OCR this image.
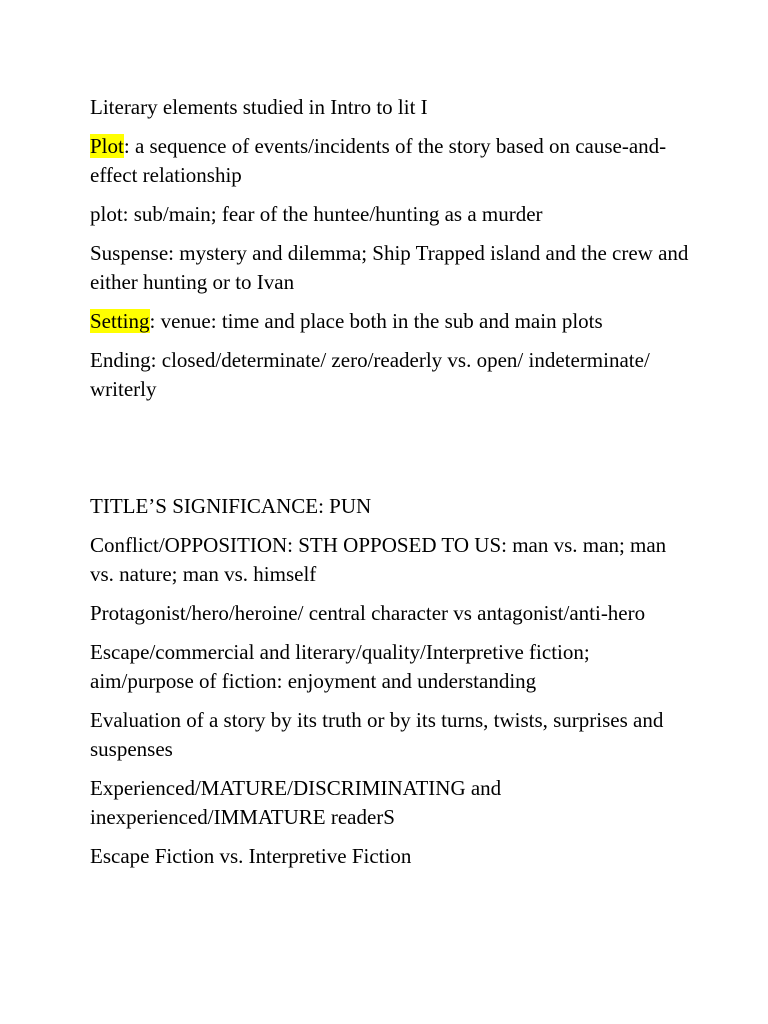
Literary elements studied in Intro to lit I

Plot: a sequence of events/incidents of the story based on cause-and-effect relationship

plot: sub/main; fear of the huntee/hunting as a murder

Suspense: mystery and dilemma; Ship Trapped island and the crew and either hunting or to Ivan

Setting: venue: time and place both in the sub and main plots

Ending: closed/determinate/ zero/readerly vs. open/ indeterminate/ writerly

TITLE’S SIGNIFICANCE: PUN

Conflict/OPPOSITION: STH OPPOSED TO US: man vs. man; man vs. nature; man vs. himself

Protagonist/hero/heroine/ central character vs antagonist/anti-hero

Escape/commercial and literary/quality/Interpretive fiction; aim/purpose of fiction: enjoyment and understanding

Evaluation of a story by its truth or by its turns, twists, surprises and suspenses

Experienced/MATURE/DISCRIMINATING and inexperienced/IMMATURE readerS

Escape Fiction vs. Interpretive Fiction
